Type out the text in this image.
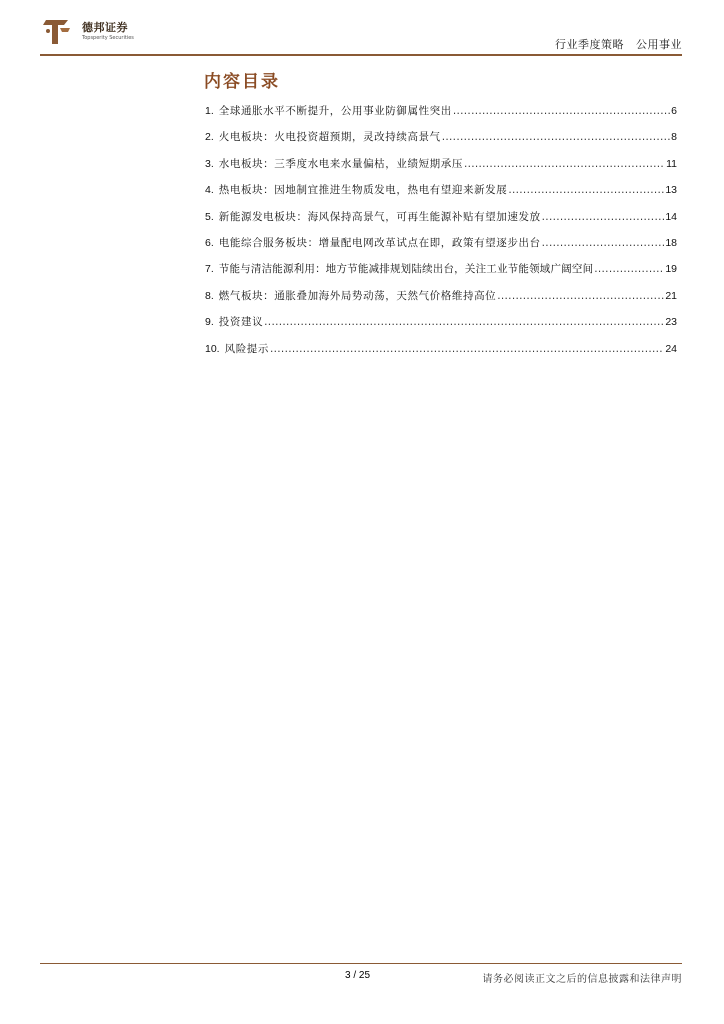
德邦证券
Topsperity Securities	行业季度策略 公用事业
内容目录
1. 全球通胀水平不断提升，公用事业防御属性突出 .....	6
2. 火电板块：火电投资超预期，灵改持续高景气 .....	8
3. 水电板块：三季度水电来水量偏枯，业绩短期承压 .....	11
4. 热电板块：因地制宜推进生物质发电，热电有望迎来新发展 .....	13
5. 新能源发电板块：海风保持高景气，可再生能源补贴有望加速发放 .....	14
6. 电能综合服务板块：增量配电网改革试点在即，政策有望逐步出台 .....	18
7. 节能与清洁能源利用：地方节能减排规划陆续出台，关注工业节能领域广阔空间 .....	19
8. 燃气板块：通胀叠加海外局势动荡，天然气价格维持高位 .....	21
9. 投资建议 .....	23
10. 风险提示 .....	24
3 / 25	请务必阅读正文之后的信息披露和法律声明
